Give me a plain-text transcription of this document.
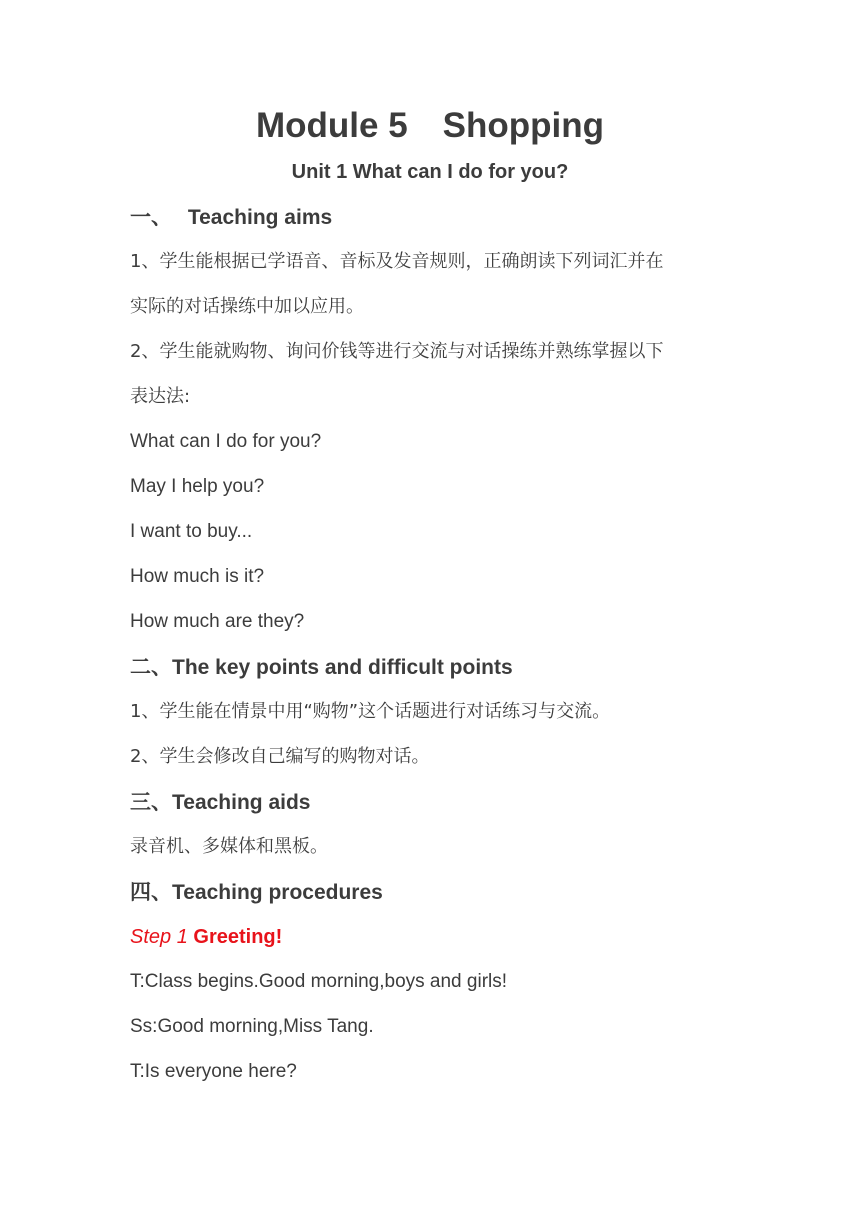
Module 5　Shopping
Unit 1 What can I do for you?
一、 Teaching aims
1、学生能根据已学语音、音标及发音规则，正确朗读下列词汇并在
实际的对话操练中加以应用。
2、学生能就购物、询问价钱等进行交流与对话操练并熟练掌握以下
表达法:
What can I do for you?
May I help you?
I want to buy...
How much is it?
How much are they?
二、The key points and difficult points
1、学生能在情景中用“购物”这个话题进行对话练习与交流。
2、学生会修改自己编写的购物对话。
三、Teaching aids
录音机、多媒体和黑板。
四、Teaching procedures
Step 1 Greeting!
T:Class begins.Good morning,boys and girls!
Ss:Good morning,Miss Tang.
T:Is everyone here?
